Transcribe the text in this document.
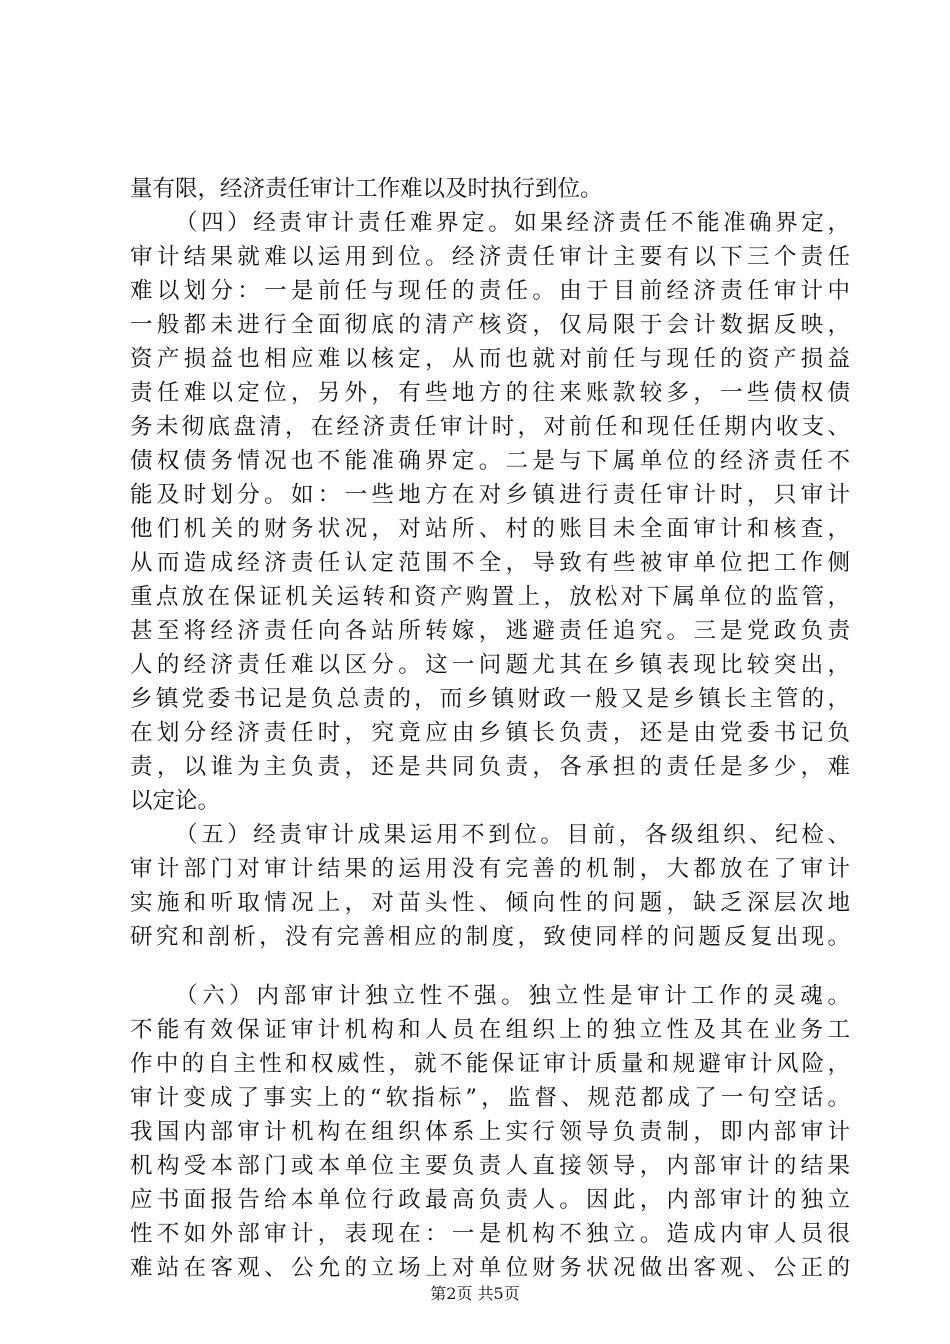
量有限，经济责任审计工作难以及时执行到位。
（四）经责审计责任难界定。如果经济责任不能准确界定，
审计结果就难以运用到位。经济责任审计主要有以下三个责任
难以划分：一是前任与现任的责任。由于目前经济责任审计中
一般都未进行全面彻底的清产核资，仅局限于会计数据反映，
资产损益也相应难以核定，从而也就对前任与现任的资产损益
责任难以定位，另外，有些地方的往来账款较多，一些债权债
务未彻底盘清，在经济责任审计时，对前任和现任任期内收支、
债权债务情况也不能准确界定。二是与下属单位的经济责任不
能及时划分。如：一些地方在对乡镇进行责任审计时，只审计
他们机关的财务状况，对站所、村的账目未全面审计和核查，
从而造成经济责任认定范围不全，导致有些被审单位把工作侧
重点放在保证机关运转和资产购置上，放松对下属单位的监管，
甚至将经济责任向各站所转嫁，逃避责任追究。三是党政负责
人的经济责任难以区分。这一问题尤其在乡镇表现比较突出，
乡镇党委书记是负总责的，而乡镇财政一般又是乡镇长主管的，
在划分经济责任时，究竟应由乡镇长负责，还是由党委书记负
责，以谁为主负责，还是共同负责，各承担的责任是多少，难
以定论。
（五）经责审计成果运用不到位。目前，各级组织、纪检、
审计部门对审计结果的运用没有完善的机制，大都放在了审计
实施和听取情况上，对苗头性、倾向性的问题，缺乏深层次地
研究和剖析，没有完善相应的制度，致使同样的问题反复出现。
（六）内部审计独立性不强。独立性是审计工作的灵魂。
不能有效保证审计机构和人员在组织上的独立性及其在业务工
作中的自主性和权威性，就不能保证审计质量和规避审计风险，
审计变成了事实上的“软指标”，监督、规范都成了一句空话。
我国内部审计机构在组织体系上实行领导负责制，即内部审计
机构受本部门或本单位主要负责人直接领导，内部审计的结果
应书面报告给本单位行政最高负责人。因此，内部审计的独立
性不如外部审计，表现在：一是机构不独立。造成内审人员很
难站在客观、公允的立场上对单位财务状况做出客观、公正的
第2页 共5页
